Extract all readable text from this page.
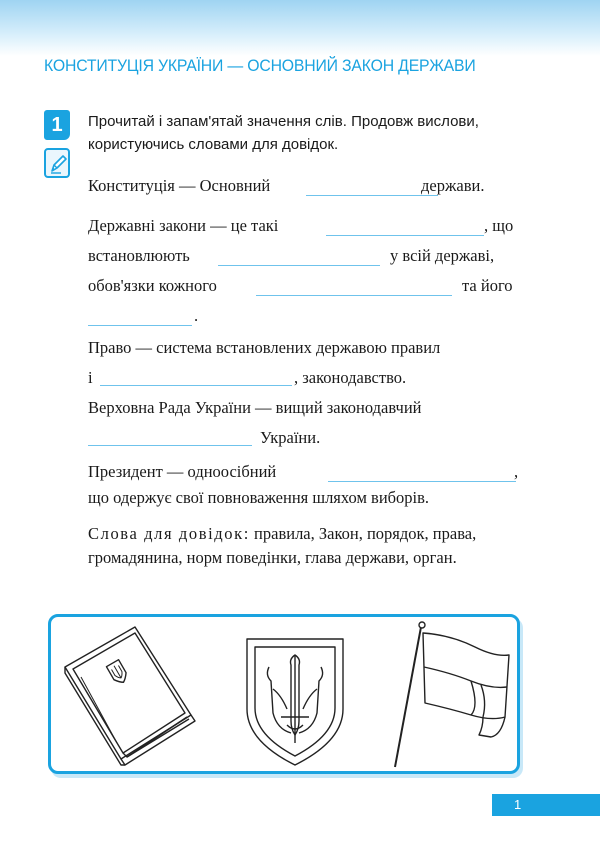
КОНСТИТУЦІЯ УКРАЇНИ — ОСНОВНИЙ ЗАКОН ДЕРЖАВИ
1	Прочитай і запам'ятай значення слів. Продовж вислови, користуючись словами для довідок.
Конституція — Основний	держави.
Державні закони — це такі	, що
встановлюють	у всій державі,
обов'язки кожного	та його
.
Право — система встановлених державою правил
і	, законодавство.
Верховна Рада України — вищий законодавчий
України.
Президент — одноосібний	,
що одержує свої повноваження шляхом виборів.
Слова для довідок: правила, Закон, порядок, права, громадянина, норм поведінки, глава держави, орган.
1
